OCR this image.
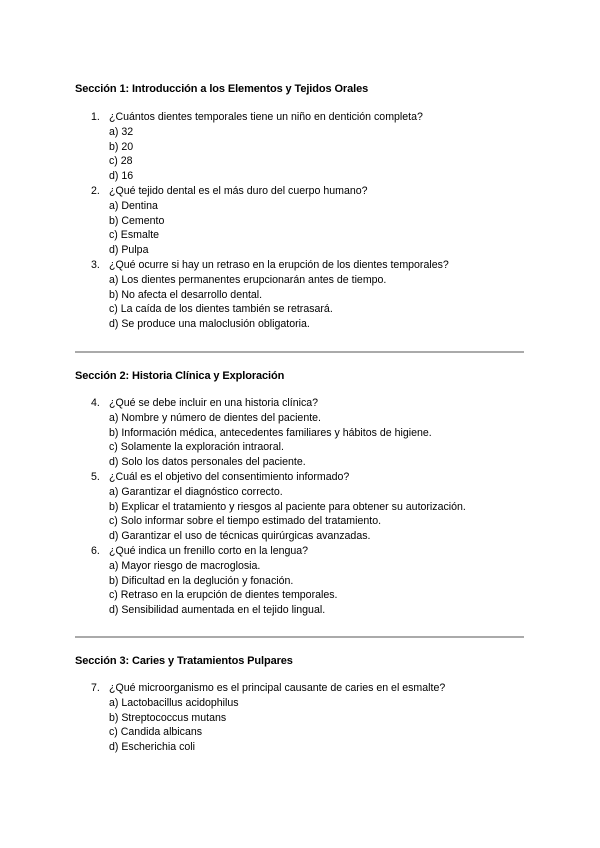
Sección 1: Introducción a los Elementos y Tejidos Orales
1. ¿Cuántos dientes temporales tiene un niño en dentición completa?
a) 32
b) 20
c) 28
d) 16
2. ¿Qué tejido dental es el más duro del cuerpo humano?
a) Dentina
b) Cemento
c) Esmalte
d) Pulpa
3. ¿Qué ocurre si hay un retraso en la erupción de los dientes temporales?
a) Los dientes permanentes erupcionarán antes de tiempo.
b) No afecta el desarrollo dental.
c) La caída de los dientes también se retrasará.
d) Se produce una maloclusión obligatoria.
Sección 2: Historia Clínica y Exploración
4. ¿Qué se debe incluir en una historia clínica?
a) Nombre y número de dientes del paciente.
b) Información médica, antecedentes familiares y hábitos de higiene.
c) Solamente la exploración intraoral.
d) Solo los datos personales del paciente.
5. ¿Cuál es el objetivo del consentimiento informado?
a) Garantizar el diagnóstico correcto.
b) Explicar el tratamiento y riesgos al paciente para obtener su autorización.
c) Solo informar sobre el tiempo estimado del tratamiento.
d) Garantizar el uso de técnicas quirúrgicas avanzadas.
6. ¿Qué indica un frenillo corto en la lengua?
a) Mayor riesgo de macroglosia.
b) Dificultad en la deglución y fonación.
c) Retraso en la erupción de dientes temporales.
d) Sensibilidad aumentada en el tejido lingual.
Sección 3: Caries y Tratamientos Pulpares
7. ¿Qué microorganismo es el principal causante de caries en el esmalte?
a) Lactobacillus acidophilus
b) Streptococcus mutans
c) Candida albicans
d) Escherichia coli
